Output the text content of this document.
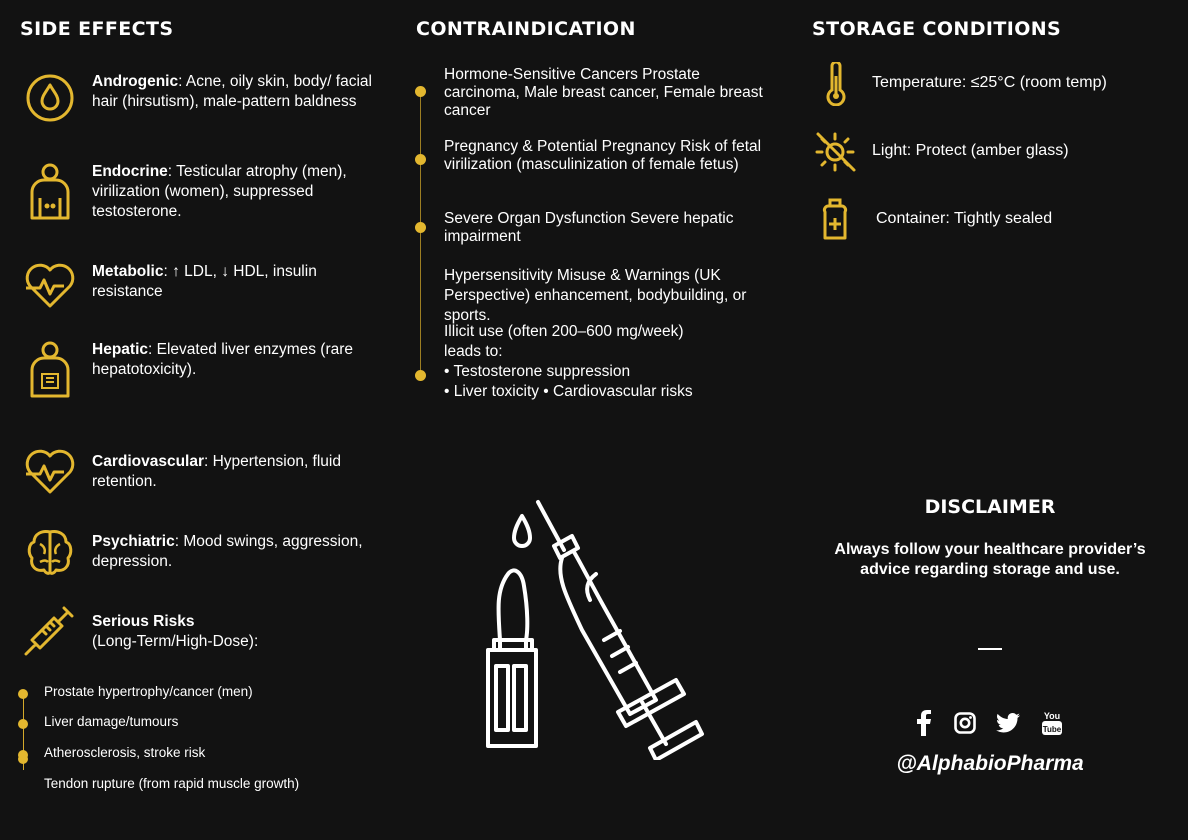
SIDE EFFECTS
Androgenic: Acne, oily skin, body/ facial hair (hirsutism), male-pattern baldness
Endocrine: Testicular atrophy (men), virilization (women), suppressed testosterone.
Metabolic: ↑ LDL, ↓ HDL, insulin resistance
Hepatic: Elevated liver enzymes (rare hepatotoxicity).
Cardiovascular: Hypertension, fluid retention.
Psychiatric: Mood swings, aggression, depression.
Serious Risks
(Long-Term/High-Dose):
Prostate hypertrophy/cancer (men)
Liver damage/tumours
Atherosclerosis, stroke risk
Tendon rupture (from rapid muscle growth)
CONTRAINDICATION
Hormone-Sensitive Cancers Prostate carcinoma, Male breast cancer, Female breast cancer
Pregnancy & Potential Pregnancy Risk of fetal virilization (masculinization of female fetus)
Severe Organ Dysfunction Severe hepatic impairment
Hypersensitivity Misuse & Warnings (UK Perspective) enhancement, bodybuilding, or sports.
Illicit use (often 200–600 mg/week)
leads to:
• Testosterone suppression
• Liver toxicity • Cardiovascular risks
STORAGE CONDITIONS
Temperature: ≤25°C (room temp)
Light: Protect (amber glass)
Container: Tightly sealed
DISCLAIMER
Always follow your healthcare provider’s advice regarding storage and use.
You
Tube
@AlphabioPharma
